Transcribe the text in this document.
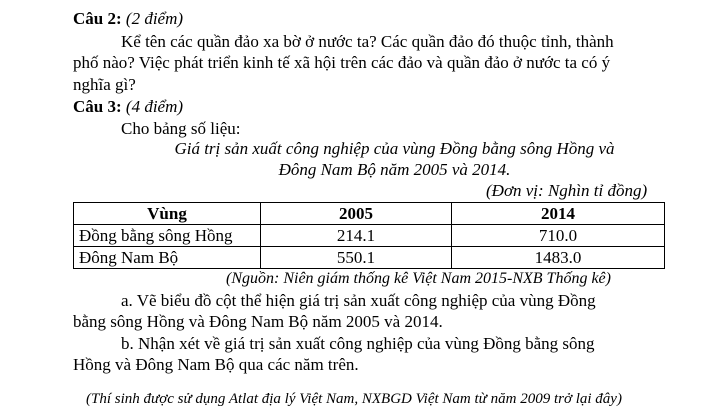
Câu 2: (2 điểm)
Kể tên các quần đảo xa bờ ở nước ta? Các quần đảo đó thuộc tỉnh, thành
phố nào? Việc phát triển kinh tế xã hội trên các đảo và quần đảo ở nước ta có ý
nghĩa gì?
Câu 3: (4 điểm)
Cho bảng số liệu:
Giá trị sản xuất công nghiệp của vùng Đồng bằng sông Hồng và
Đông Nam Bộ năm 2005 và 2014.
(Đơn vị: Nghìn tỉ đồng)
Vùng	2005	2014
Đồng bằng sông Hồng	214.1	710.0
Đông Nam Bộ	550.1	1483.0
(Nguồn: Niên giám thống kê Việt Nam 2015-NXB Thống kê)
a. Vẽ biểu đồ cột thể hiện giá trị sản xuất công nghiệp của vùng Đồng
bằng sông Hồng và Đông Nam Bộ năm 2005 và 2014.
b. Nhận xét về giá trị sản xuất công nghiệp của vùng Đồng bằng sông
Hồng và Đông Nam Bộ qua các năm trên.
(Thí sinh được sử dụng Atlat địa lý Việt Nam, NXBGD Việt Nam từ năm 2009 trở lại đây)
